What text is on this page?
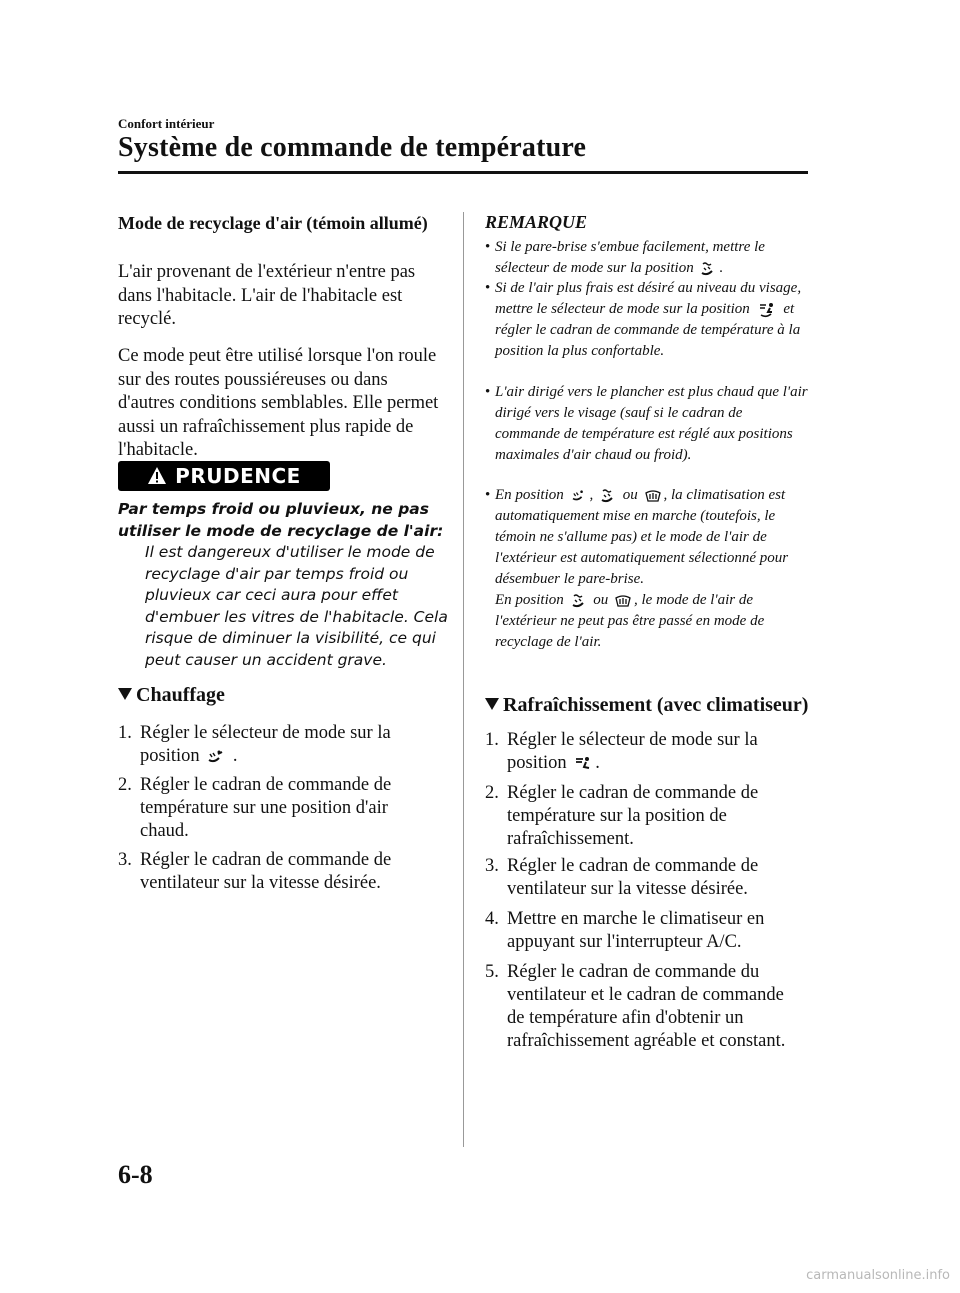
Confort intérieur
Système de commande de température
Mode de recyclage d'air (témoin allumé)
L'air provenant de l'extérieur n'entre pas dans l'habitacle. L'air de l'habitacle est recyclé.
Ce mode peut être utilisé lorsque l'on roule sur des routes poussiéreuses ou dans d'autres conditions semblables. Elle permet aussi un rafraîchissement plus rapide de l'habitacle.
PRUDENCE
Par temps froid ou pluvieux, ne pas utiliser le mode de recyclage de l'air:
Il est dangereux d'utiliser le mode de recyclage d'air par temps froid ou pluvieux car ceci aura pour effet d'embuer les vitres de l'habitacle. Cela risque de diminuer la visibilité, ce qui peut causer un accident grave.
Chauffage
1. Régler le sélecteur de mode sur la
position .
2. Régler le cadran de commande de
température sur une position d'air
chaud.
3. Régler le cadran de commande de
ventilateur sur la vitesse désirée.
REMARQUE
• Si le pare-brise s'embue facilement, mettre le sélecteur de mode sur la position .
• Si de l'air plus frais est désiré au niveau du visage, mettre le sélecteur de mode sur la position et régler le cadran de commande de température à la position la plus confortable.
• L'air dirigé vers le plancher est plus chaud que l'air dirigé vers le visage (sauf si le cadran de commande de température est réglé aux positions maximales d'air chaud ou froid).
• En position ,  ou , la climatisation est automatiquement mise en marche (toutefois, le témoin ne s'allume pas) et le mode de l'air de l'extérieur est automatiquement sélectionné pour désembuer le pare-brise.
En position ou , le mode de l'air de l'extérieur ne peut pas être passé en mode de recyclage de l'air.
Rafraîchissement (avec climatiseur)
1. Régler le sélecteur de mode sur la
position .
2. Régler le cadran de commande de
température sur la position de
rafraîchissement.
3. Régler le cadran de commande de
ventilateur sur la vitesse désirée.
4. Mettre en marche le climatiseur en
appuyant sur l'interrupteur A/C.
5. Régler le cadran de commande du
ventilateur et le cadran de commande
de température afin d'obtenir un
rafraîchissement agréable et constant.
6-8
carmanualsonline.info
